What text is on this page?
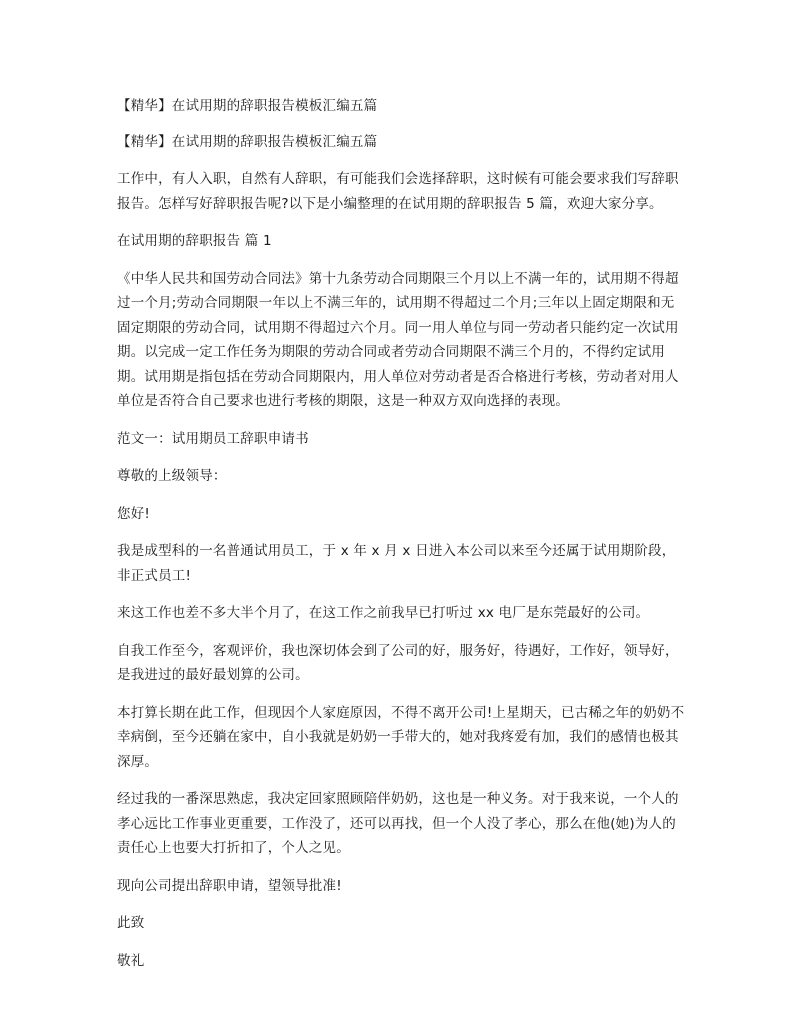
【精华】在试用期的辞职报告模板汇编五篇

【精华】在试用期的辞职报告模板汇编五篇

工作中，有人入职，自然有人辞职，有可能我们会选择辞职，这时候有可能会要求我们写辞职报告。怎样写好辞职报告呢?以下是小编整理的在试用期的辞职报告 5 篇，欢迎大家分享。

在试用期的辞职报告 篇 1

《中华人民共和国劳动合同法》第十九条劳动合同期限三个月以上不满一年的，试用期不得超过一个月;劳动合同期限一年以上不满三年的，试用期不得超过二个月;三年以上固定期限和无固定期限的劳动合同，试用期不得超过六个月。同一用人单位与同一劳动者只能约定一次试用期。以完成一定工作任务为期限的劳动合同或者劳动合同期限不满三个月的，不得约定试用期。试用期是指包括在劳动合同期限内，用人单位对劳动者是否合格进行考核，劳动者对用人单位是否符合自己要求也进行考核的期限，这是一种双方双向选择的表现。

范文一：试用期员工辞职申请书

尊敬的上级领导：

您好!

我是成型科的一名普通试用员工，于 x 年 x 月 x 日进入本公司以来至今还属于试用期阶段，非正式员工!

来这工作也差不多大半个月了，在这工作之前我早已打听过 xx 电厂是东莞最好的公司。

自我工作至今，客观评价，我也深切体会到了公司的好，服务好，待遇好，工作好，领导好，是我进过的最好最划算的公司。

本打算长期在此工作，但现因个人家庭原因，不得不离开公司!上星期天，已古稀之年的奶奶不幸病倒，至今还躺在家中，自小我就是奶奶一手带大的，她对我疼爱有加，我们的感情也极其深厚。

经过我的一番深思熟虑，我决定回家照顾陪伴奶奶，这也是一种义务。对于我来说，一个人的孝心远比工作事业更重要，工作没了，还可以再找，但一个人没了孝心，那么在他(她)为人的责任心上也要大打折扣了，个人之见。

现向公司提出辞职申请，望领导批准!

此致

敬礼
